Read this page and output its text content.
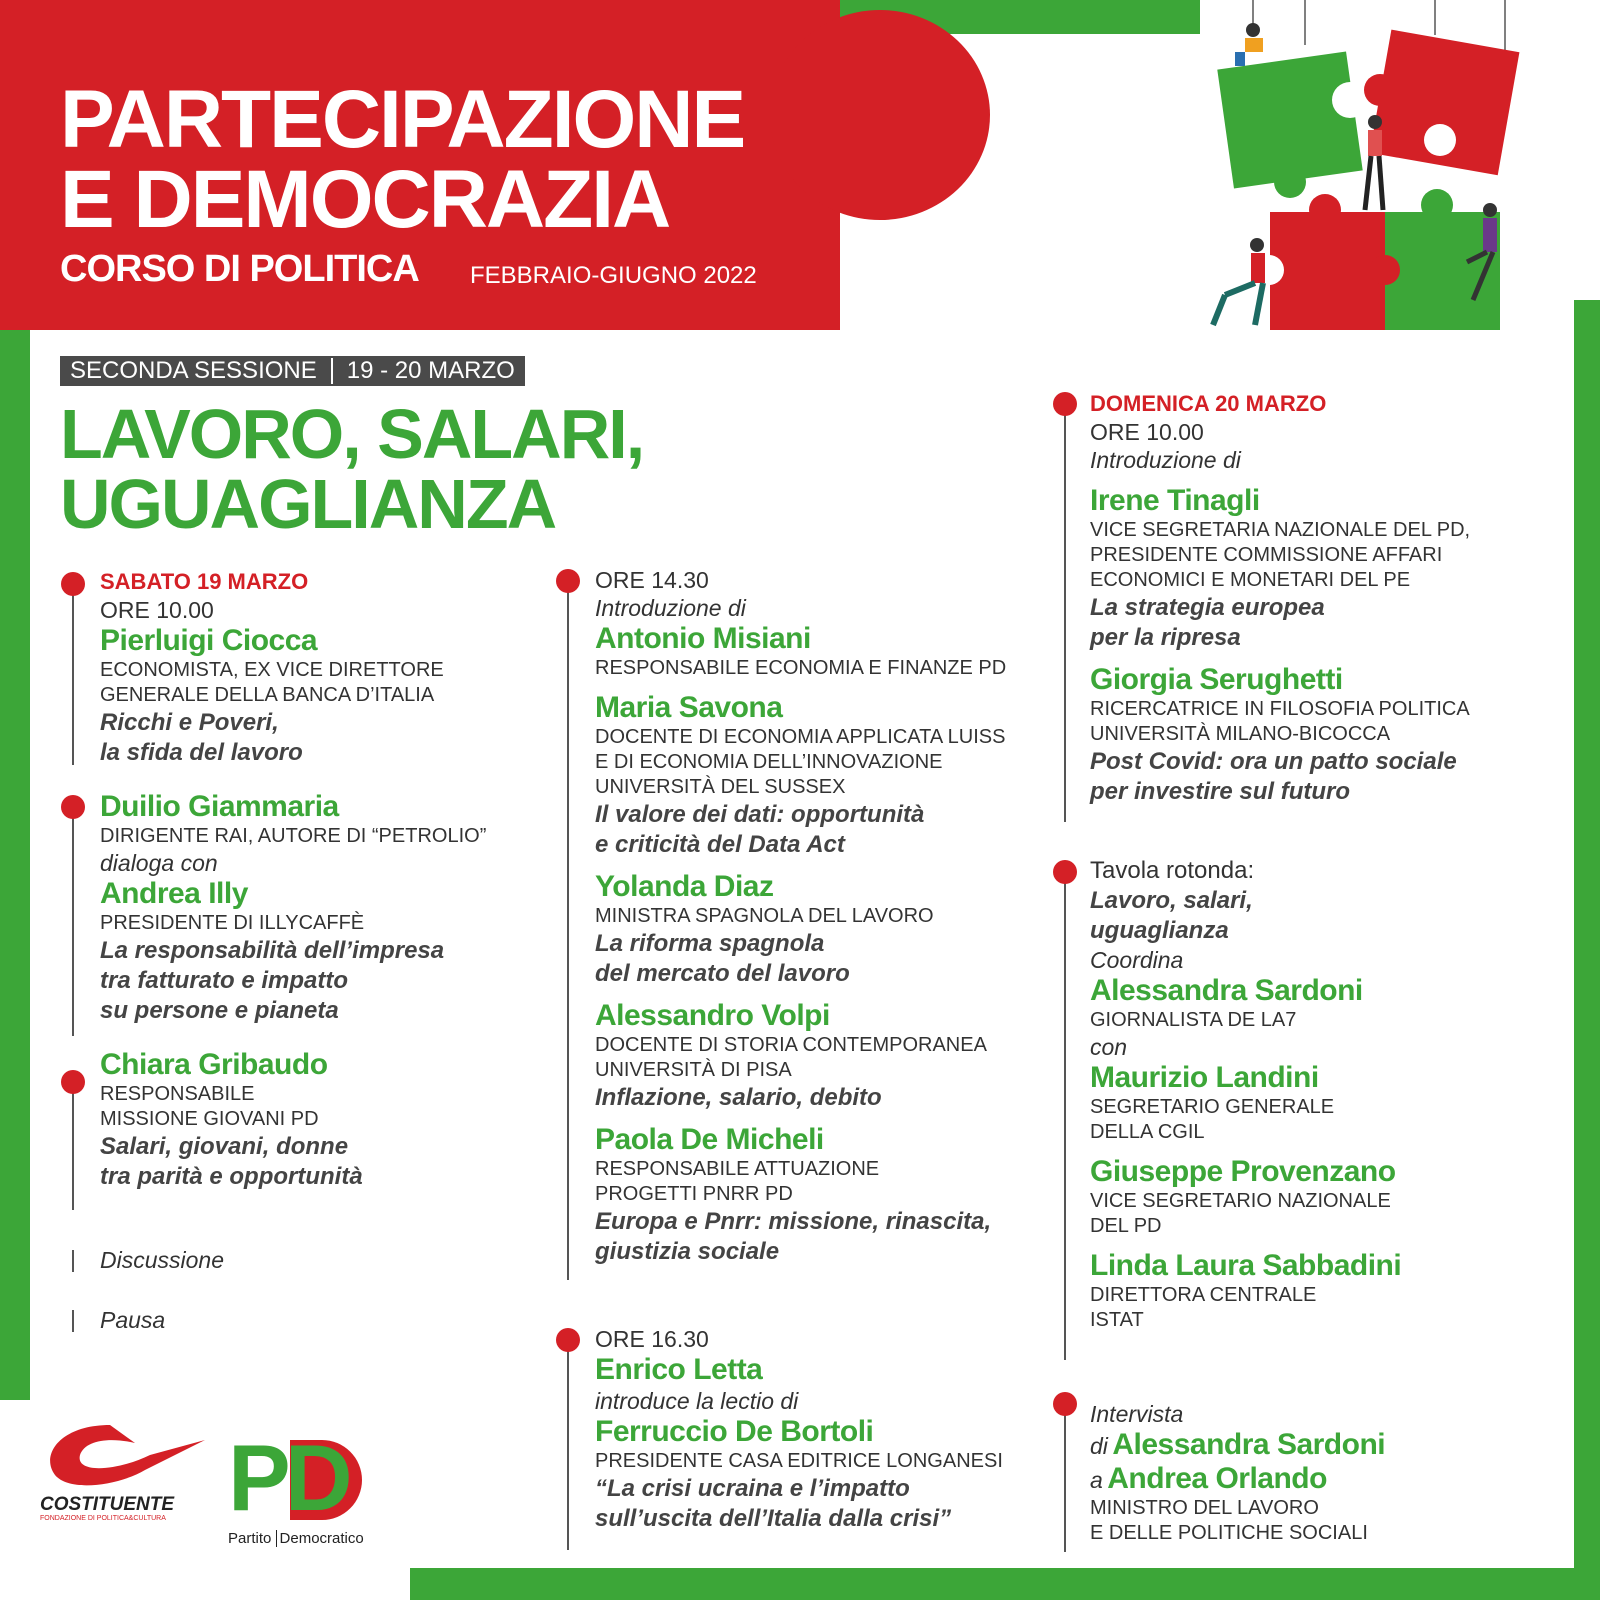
PARTECIPAZIONE
E DEMOCRAZIA
CORSO DI POLITICA FEBBRAIO-GIUGNO 2022
SECONDA SESSIONE 19 - 20 MARZO
LAVORO, SALARI,
UGUAGLIANZA
SABATO 19 MARZO
ORE 10.00
Pierluigi Ciocca
ECONOMISTA, EX VICE DIRETTORE
GENERALE DELLA BANCA D’ITALIA
Ricchi e Poveri,
la sfida del lavoro
Duilio Giammaria
DIRIGENTE RAI, AUTORE DI “PETROLIO”
dialoga con
Andrea Illy
PRESIDENTE DI ILLYCAFFÈ
La responsabilità dell’impresa
tra fatturato e impatto
su persone e pianeta
Chiara Gribaudo
RESPONSABILE
MISSIONE GIOVANI PD
Salari, giovani, donne
tra parità e opportunità
Discussione
Pausa
ORE 14.30
Introduzione di
Antonio Misiani
RESPONSABILE ECONOMIA E FINANZE PD
Maria Savona
DOCENTE DI ECONOMIA APPLICATA LUISS
E DI ECONOMIA DELL’INNOVAZIONE
UNIVERSITÀ DEL SUSSEX
Il valore dei dati: opportunità
e criticità del Data Act
Yolanda Diaz
MINISTRA SPAGNOLA DEL LAVORO
La riforma spagnola
del mercato del lavoro
Alessandro Volpi
DOCENTE DI STORIA CONTEMPORANEA
UNIVERSITÀ DI PISA
Inflazione, salario, debito
Paola De Micheli
RESPONSABILE ATTUAZIONE
PROGETTI PNRR PD
Europa e Pnrr: missione, rinascita,
giustizia sociale
ORE 16.30
Enrico Letta
introduce la lectio di
Ferruccio De Bortoli
PRESIDENTE CASA EDITRICE LONGANESI
“La crisi ucraina e l’impatto
sull’uscita dell’Italia dalla crisi”
DOMENICA 20 MARZO
ORE 10.00
Introduzione di
Irene Tinagli
VICE SEGRETARIA NAZIONALE DEL PD,
PRESIDENTE COMMISSIONE AFFARI
ECONOMICI E MONETARI DEL PE
La strategia europea
per la ripresa
Giorgia Serughetti
RICERCATRICE IN FILOSOFIA POLITICA
UNIVERSITÀ MILANO-BICOCCA
Post Covid: ora un patto sociale
per investire sul futuro
Tavola rotonda:
Lavoro, salari,
uguaglianza
Coordina
Alessandra Sardoni
GIORNALISTA DE LA7
con
Maurizio Landini
SEGRETARIO GENERALE
DELLA CGIL
Giuseppe Provenzano
VICE SEGRETARIO NAZIONALE
DEL PD
Linda Laura Sabbadini
DIRETTORA CENTRALE
ISTAT
Intervista
di Alessandra Sardoni
a Andrea Orlando
MINISTRO DEL LAVORO
E DELLE POLITICHE SOCIALI
COSTITUENTE
FONDAZIONE DI POLITICA&CULTURA PD
Partito Democratico
